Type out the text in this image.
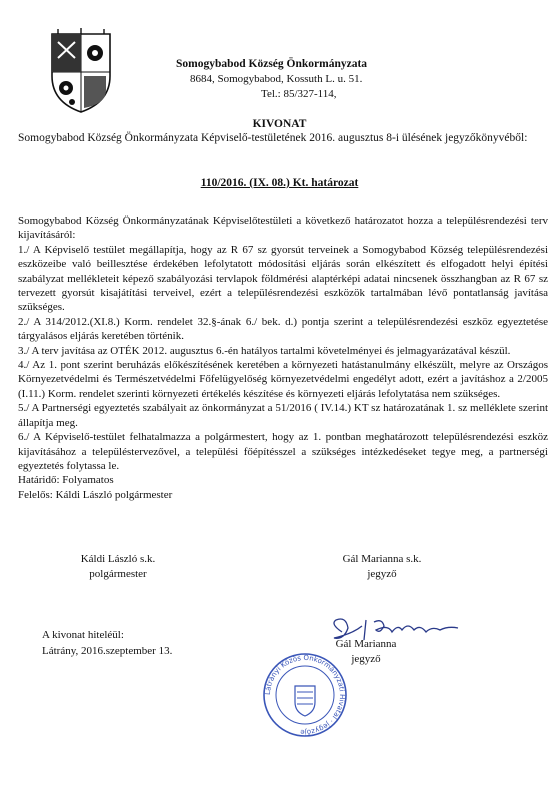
Somogybabod Község Önkormányzata
8684, Somogybabod, Kossuth L. u. 51.
Tel.: 85/327-114,
KIVONAT
Somogybabod Község Önkormányzata Képviselő-testületének 2016. augusztus 8-i ülésének jegyzőkönyvéből:
110/2016. (IX. 08.) Kt. határozat

Somogybabod Község Önkormányzatának Képviselőtestületi a következő határozatot hozza a településrendezési terv kijavításáról:

1./ A Képviselő testület megállapítja, hogy az R 67 sz gyorsút terveinek a Somogybabod Község településrendezési eszközeibe való beillesztése érdekében lefolytatott módosítási eljárás során elkészített és elfogadott helyi építési szabályzat mellékleteit képező szabályozási tervlapok földmérési alaptérképi adatai nincsenek összhangban az R 67 sz tervezett gyorsút kisajátítási terveivel, ezért a településrendezési eszközök tartalmában lévő pontatlanság javítása szükséges.

2./ A 314/2012.(XI.8.) Korm. rendelet 32.§-ának 6./ bek. d.) pontja szerint a településrendezési eszköz egyeztetése tárgyalásos eljárás keretében történik.

3./ A terv javítása az OTÉK 2012. augusztus 6.-én hatályos tartalmi követelményei és jelmagyarázatával készül.

4./ Az 1. pont szerint beruházás előkészítésének keretében a környezeti hatástanulmány elkészült, melyre az Országos Környezetvédelmi és Természetvédelmi Főfelügyelőség környezetvédelmi engedélyt adott, ezért a javításhoz a 2/2005 (I.11.) Korm. rendelet szerinti környezeti értékelés készítése és környezeti eljárás lefolytatása nem szükséges.

5./ A Partnerségi egyeztetés szabályait az önkormányzat a 51/2016 ( IV.14.) KT sz határozatának 1. sz melléklete szerint állapítja meg.

6./ A Képviselő-testület felhatalmazza a polgármestert, hogy az 1. pontban meghatározott településrendezési eszköz kijavításához a településtervezővel, a települési főépítésszel a szükséges intézkedéseket tegye meg, a partnerségi egyeztetés folytassa le.

Határidő: Folyamatos

Felelős: Káldi László polgármester

Káldi László s.k.
polgármester
Gál Marianna s.k.
jegyző
A kivonat hiteléül:
Látrány, 2016.szeptember 13.
Gál Marianna
jegyző
Látrányi Közös Önkormányzati Hivatal · jegyzője
